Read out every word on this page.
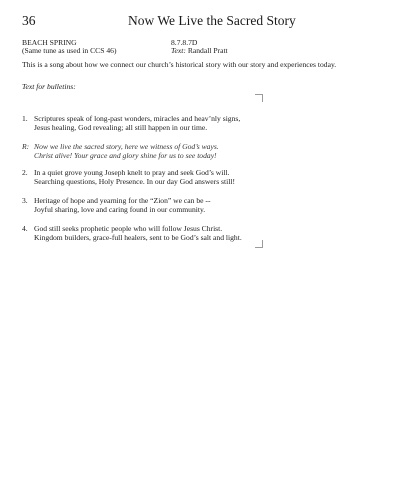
36	Now We Live the Sacred Story
BEACH SPRING	8.7.8.7D
(Same tune as used in CCS 46)	Text: Randall Pratt
This is a song about how we connect our church’s historical story with our story and experiences today.
Text for bulletins:
1. Scriptures speak of long-past wonders, miracles and heav’nly signs,
Jesus healing, God revealing; all still happen in our time.
R: Now we live the sacred story, here we witness of God’s ways.
Christ alive! Your grace and glory shine for us to see today!
2. In a quiet grove young Joseph knelt to pray and seek God’s will.
Searching questions, Holy Presence. In our day God answers still!
3. Heritage of hope and yearning for the “Zion” we can be --
Joyful sharing, love and caring found in our community.
4. God still seeks prophetic people who will follow Jesus Christ.
Kingdom builders, grace-full healers, sent to be God’s salt and light.
